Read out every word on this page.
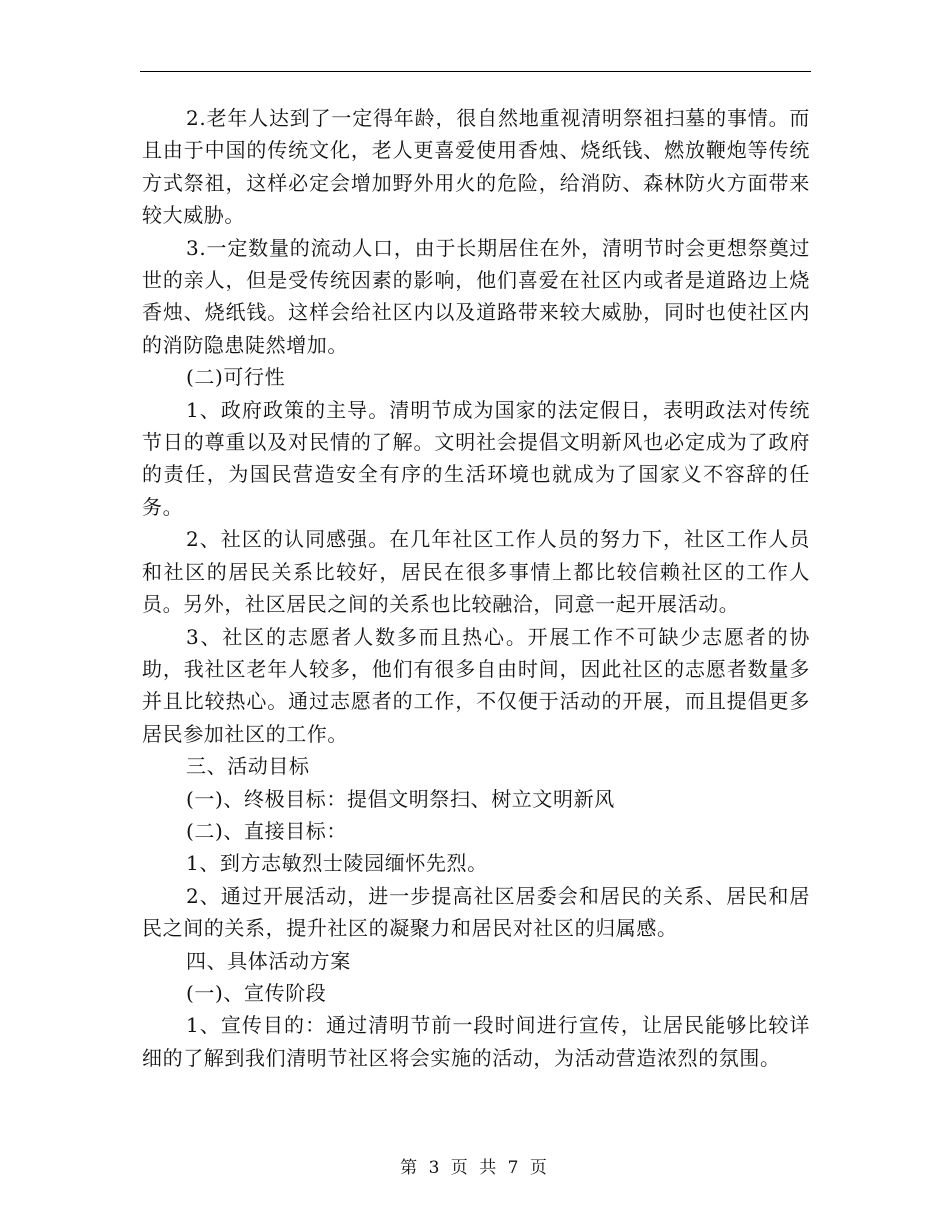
2.老年人达到了一定得年龄，很自然地重视清明祭祖扫墓的事情。而且由于中国的传统文化，老人更喜爱使用香烛、烧纸钱、燃放鞭炮等传统方式祭祖，这样必定会增加野外用火的危险，给消防、森林防火方面带来较大威胁。

3.一定数量的流动人口，由于长期居住在外，清明节时会更想祭奠过世的亲人，但是受传统因素的影响，他们喜爱在社区内或者是道路边上烧香烛、烧纸钱。这样会给社区内以及道路带来较大威胁，同时也使社区内的消防隐患陡然增加。

(二)可行性

1、政府政策的主导。清明节成为国家的法定假日，表明政法对传统节日的尊重以及对民情的了解。文明社会提倡文明新风也必定成为了政府的责任，为国民营造安全有序的生活环境也就成为了国家义不容辞的任务。

2、社区的认同感强。在几年社区工作人员的努力下，社区工作人员和社区的居民关系比较好，居民在很多事情上都比较信赖社区的工作人员。另外，社区居民之间的关系也比较融洽，同意一起开展活动。

3、社区的志愿者人数多而且热心。开展工作不可缺少志愿者的协助，我社区老年人较多，他们有很多自由时间，因此社区的志愿者数量多并且比较热心。通过志愿者的工作，不仅便于活动的开展，而且提倡更多居民参加社区的工作。

三、活动目标

(一)、终极目标：提倡文明祭扫、树立文明新风

(二)、直接目标：

1、到方志敏烈士陵园缅怀先烈。

2、通过开展活动，进一步提高社区居委会和居民的关系、居民和居民之间的关系，提升社区的凝聚力和居民对社区的归属感。

四、具体活动方案

(一)、宣传阶段

1、宣传目的：通过清明节前一段时间进行宣传，让居民能够比较详细的了解到我们清明节社区将会实施的活动，为活动营造浓烈的氛围。

第 3 页 共 7 页
